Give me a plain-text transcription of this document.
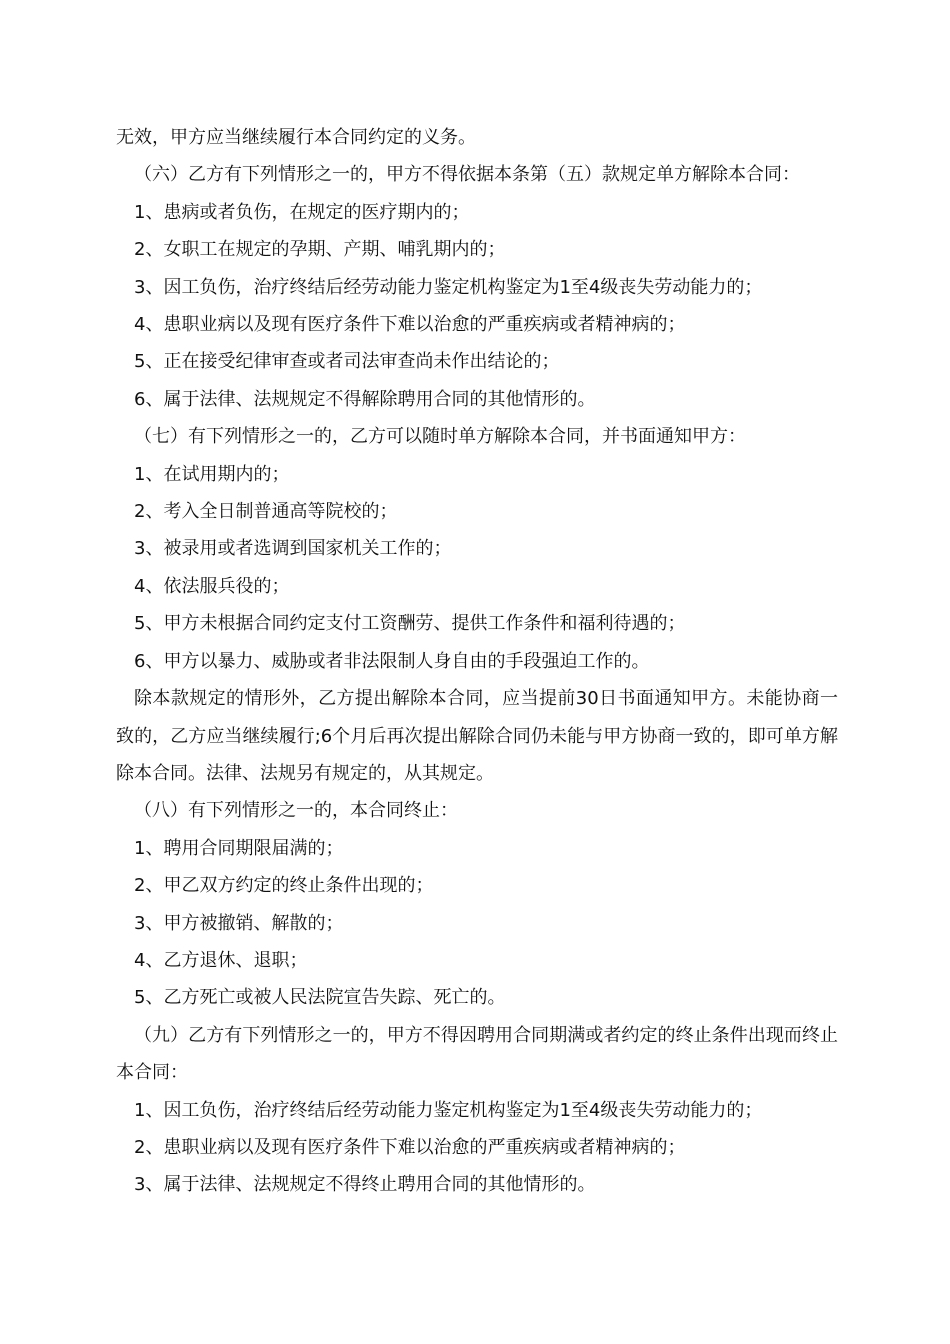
无效，甲方应当继续履行本合同约定的义务。

（六）乙方有下列情形之一的，甲方不得依据本条第（五）款规定单方解除本合同：

1、患病或者负伤，在规定的医疗期内的；

2、女职工在规定的孕期、产期、哺乳期内的；

3、因工负伤，治疗终结后经劳动能力鉴定机构鉴定为1至4级丧失劳动能力的；

4、患职业病以及现有医疗条件下难以治愈的严重疾病或者精神病的；

5、正在接受纪律审查或者司法审查尚未作出结论的；

6、属于法律、法规规定不得解除聘用合同的其他情形的。

（七）有下列情形之一的，乙方可以随时单方解除本合同，并书面通知甲方：

1、在试用期内的；

2、考入全日制普通高等院校的；

3、被录用或者选调到国家机关工作的；

4、依法服兵役的；

5、甲方未根据合同约定支付工资酬劳、提供工作条件和福利待遇的；

6、甲方以暴力、威胁或者非法限制人身自由的手段强迫工作的。

除本款规定的情形外，乙方提出解除本合同，应当提前30日书面通知甲方。未能协商一致的，乙方应当继续履行;6个月后再次提出解除合同仍未能与甲方协商一致的，即可单方解除本合同。法律、法规另有规定的，从其规定。

（八）有下列情形之一的，本合同终止：

1、聘用合同期限届满的；

2、甲乙双方约定的终止条件出现的；

3、甲方被撤销、解散的；

4、乙方退休、退职；

5、乙方死亡或被人民法院宣告失踪、死亡的。

（九）乙方有下列情形之一的，甲方不得因聘用合同期满或者约定的终止条件出现而终止本合同：

1、因工负伤，治疗终结后经劳动能力鉴定机构鉴定为1至4级丧失劳动能力的；

2、患职业病以及现有医疗条件下难以治愈的严重疾病或者精神病的；

3、属于法律、法规规定不得终止聘用合同的其他情形的。
